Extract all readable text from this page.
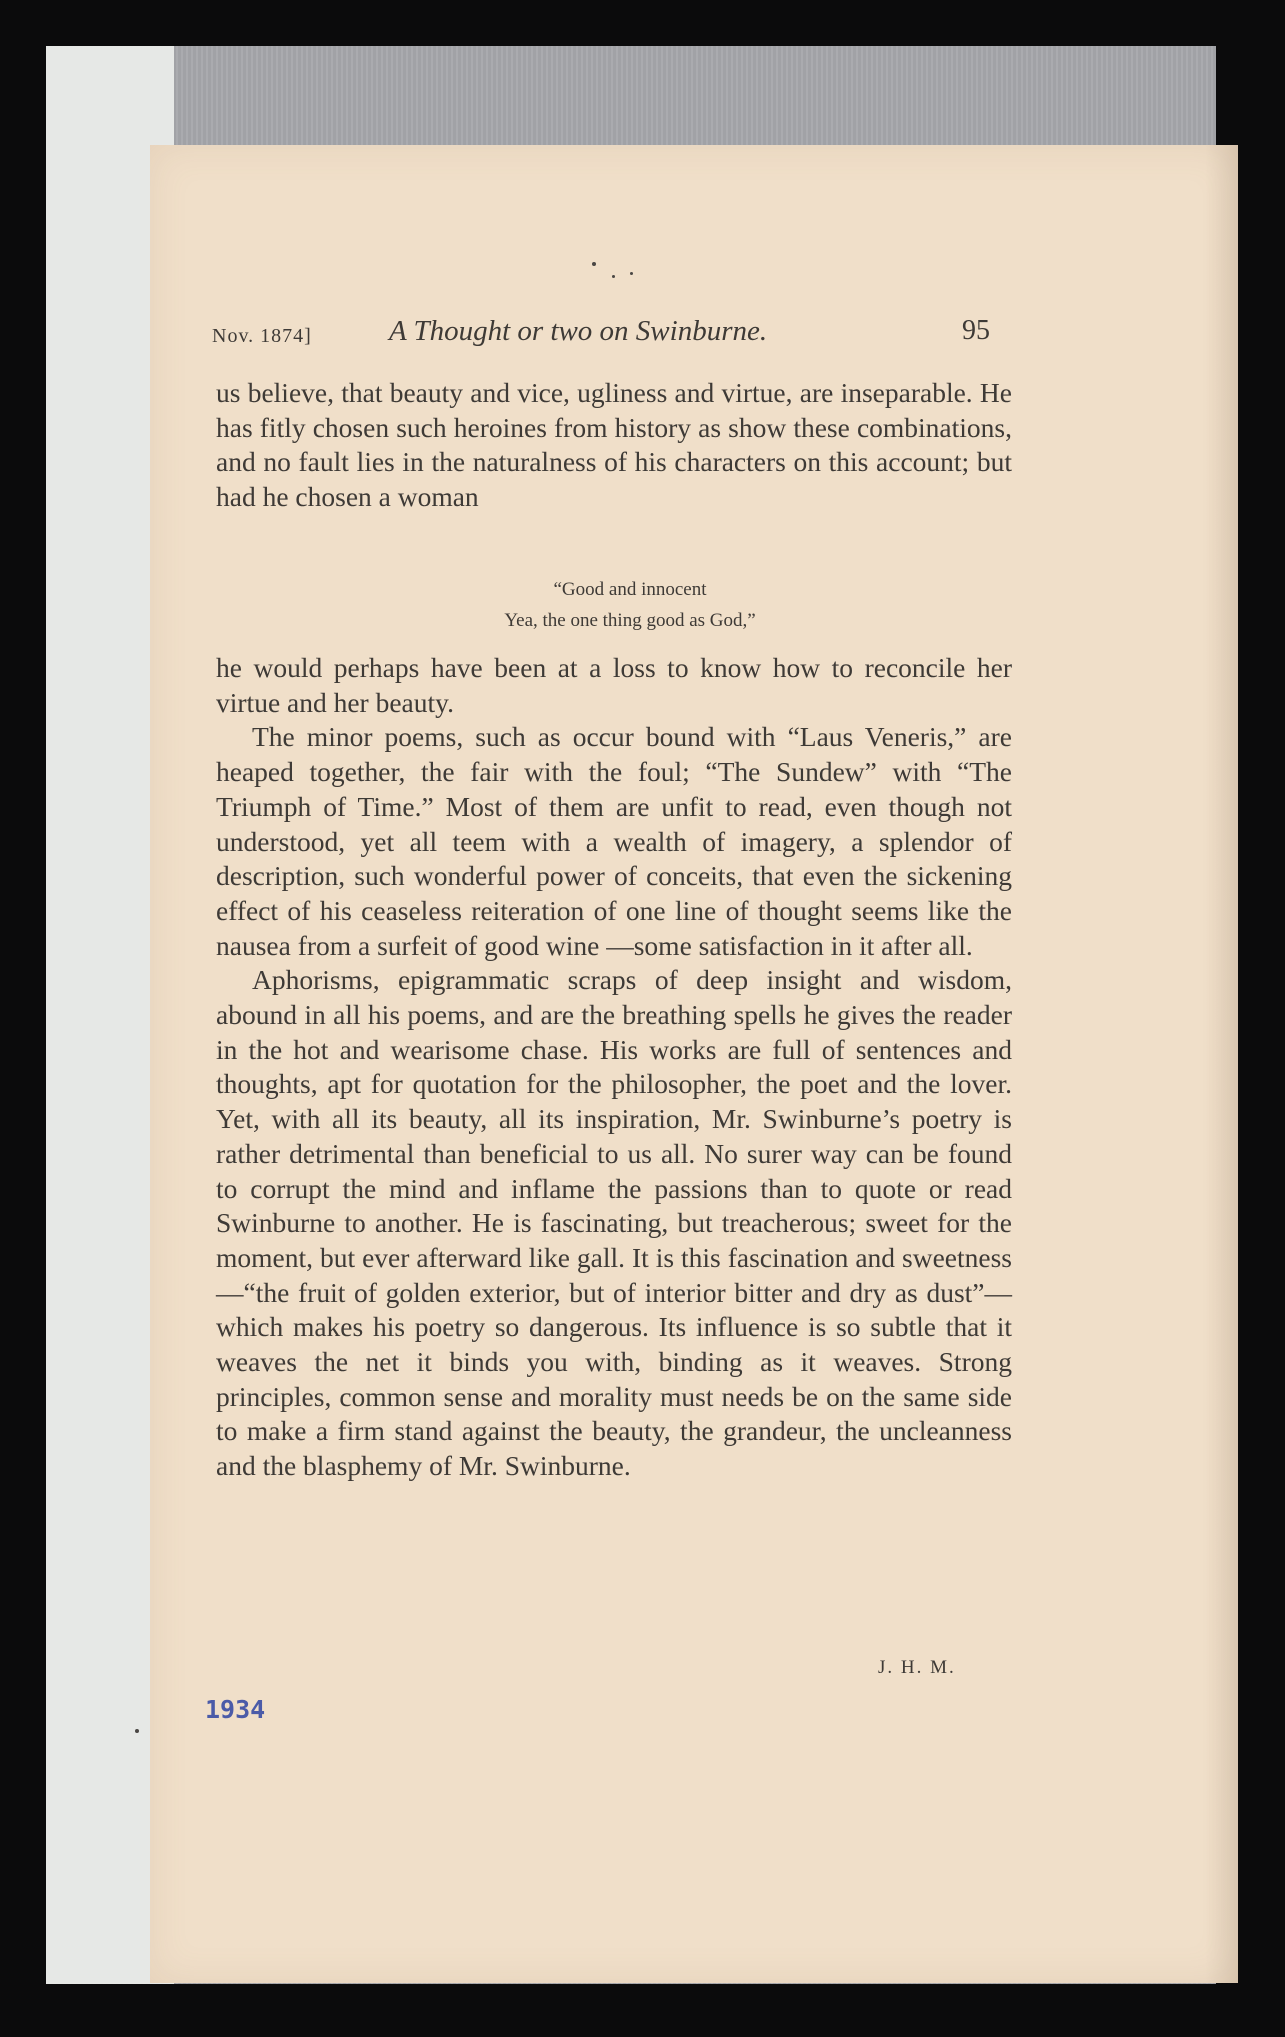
Nov. 1874]	A Thought or two on Swinburne.	95

us believe, that beauty and vice, ugliness and virtue, are inseparable. He has fitly chosen such heroines from history as show these combinations, and no fault lies in the naturalness of his characters on this account; but had he chosen a woman

“Good and innocent
Yea, the one thing good as God,”

he would perhaps have been at a loss to know how to reconcile her virtue and her beauty.

The minor poems, such as occur bound with “Laus Veneris,” are heaped together, the fair with the foul; “The Sundew” with “The Triumph of Time.” Most of them are unfit to read, even though not understood, yet all teem with a wealth of imagery, a splendor of description, such wonderful power of conceits, that even the sickening effect of his ceaseless reiteration of one line of thought seems like the nausea from a surfeit of good wine —some satisfaction in it after all.

Aphorisms, epigrammatic scraps of deep insight and wisdom, abound in all his poems, and are the breathing spells he gives the reader in the hot and wearisome chase. His works are full of sentences and thoughts, apt for quotation for the philosopher, the poet and the lover. Yet, with all its beauty, all its inspiration, Mr. Swinburne’s poetry is rather detrimental than beneficial to us all. No surer way can be found to corrupt the mind and inflame the passions than to quote or read Swinburne to another. He is fascinating, but treacherous; sweet for the moment, but ever afterward like gall. It is this fascination and sweetness—“the fruit of golden exterior, but of interior bitter and dry as dust”—which makes his poetry so dangerous. Its influence is so subtle that it weaves the net it binds you with, binding as it weaves. Strong principles, common sense and morality must needs be on the same side to make a firm stand against the beauty, the grandeur, the uncleanness and the blasphemy of Mr. Swinburne.

J. H. M.
1934
